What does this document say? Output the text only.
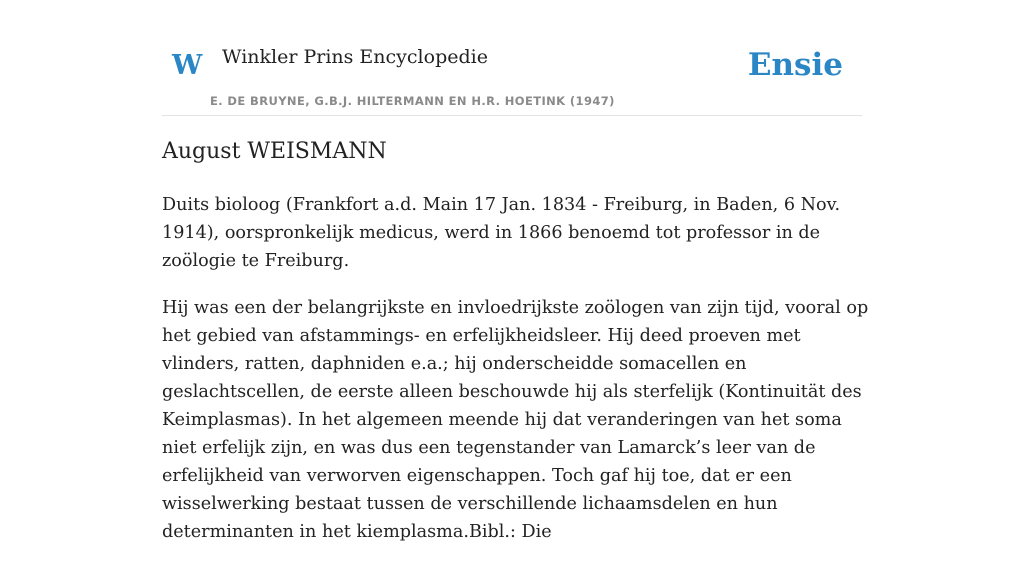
W Winkler Prins Encyclopedie
E. DE BRUYNE, G.B.J. HILTERMANN EN H.R. HOETINK (1947)
Ensie
August WEISMANN

Duits bioloog (Frankfort a.d. Main 17 Jan. 1834 - Freiburg, in Baden, 6 Nov. 1914), oorspronkelijk medicus, werd in 1866 benoemd tot professor in de zoölogie te Freiburg.

Hij was een der belangrijkste en invloedrijkste zoölogen van zijn tijd, vooral op het gebied van afstammings- en erfelijkheidsleer. Hij deed proeven met vlinders, ratten, daphniden e.a.; hij onderscheidde somacellen en geslachtscellen, de eerste alleen beschouwde hij als sterfelijk (Kontinuität des Keimplasmas). In het algemeen meende hij dat veranderingen van het soma niet erfelijk zijn, en was dus een tegenstander van Lamarck’s leer van de erfelijkheid van verworven eigenschappen. Toch gaf hij toe, dat er een wisselwerking bestaat tussen de verschillende lichaamsdelen en hun determinanten in het kiemplasma.Bibl.: Die
